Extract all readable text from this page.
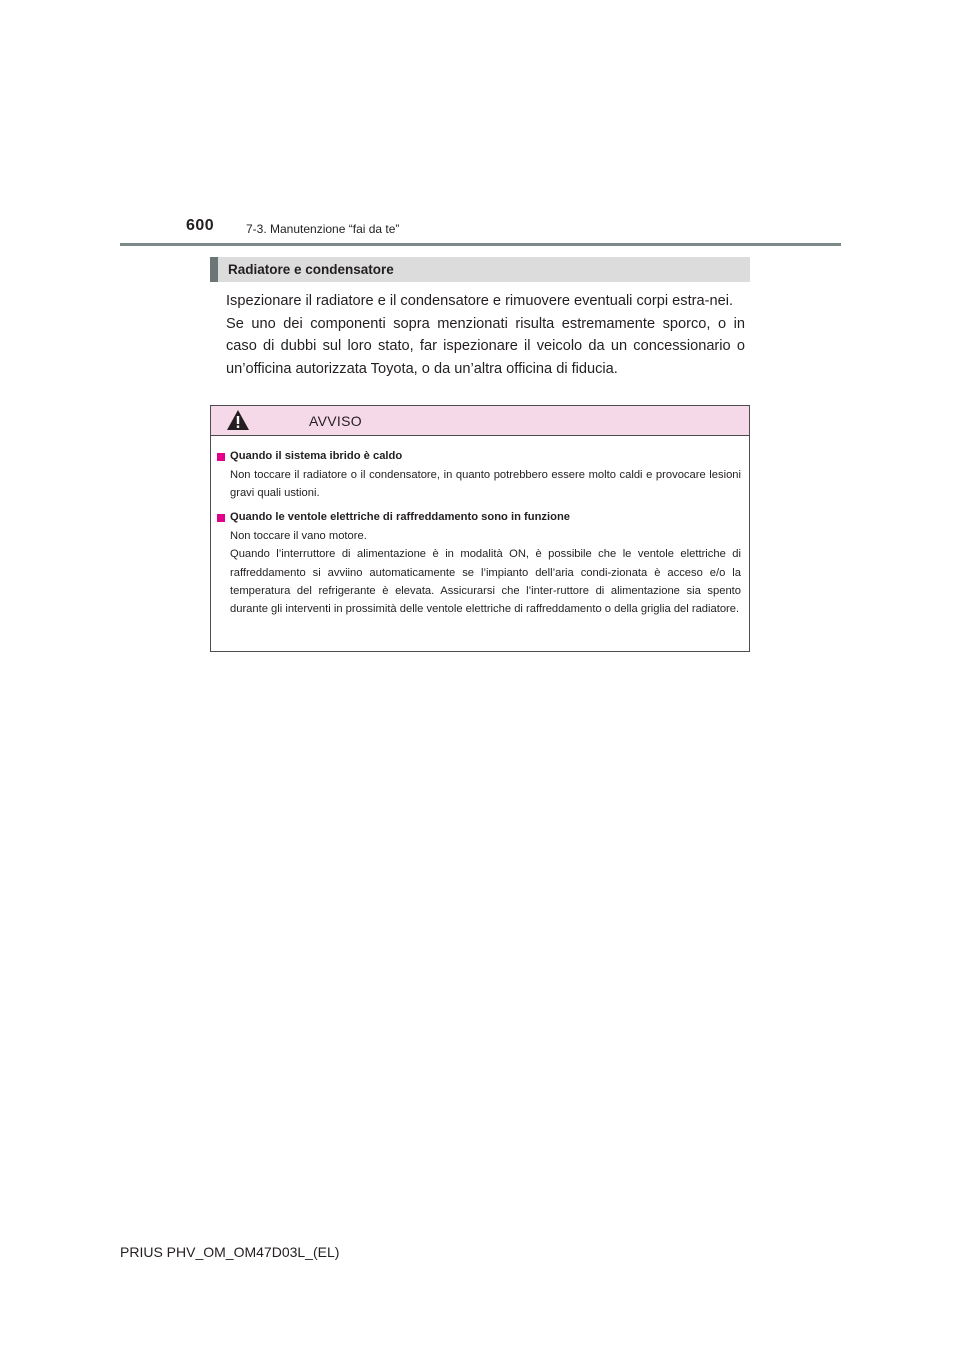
600	7-3. Manutenzione “fai da te”
Radiatore e condensatore

Ispezionare il radiatore e il condensatore e rimuovere eventuali corpi estra-nei.

Se uno dei componenti sopra menzionati risulta estremamente sporco, o in caso di dubbi sul loro stato, far ispezionare il veicolo da un concessionario o un’officina autorizzata Toyota, o da un’altra officina di fiducia.

AVVISO
Quando il sistema ibrido è caldo

Non toccare il radiatore o il condensatore, in quanto potrebbero essere molto caldi e provocare lesioni gravi quali ustioni.

Quando le ventole elettriche di raffreddamento sono in funzione

Non toccare il vano motore.

Quando l’interruttore di alimentazione è in modalità ON, è possibile che le ventole elettriche di raffreddamento si avviino automaticamente se l’impianto dell’aria condi-zionata è acceso e/o la temperatura del refrigerante è elevata. Assicurarsi che l’inter-ruttore di alimentazione sia spento durante gli interventi in prossimità delle ventole elettriche di raffreddamento o della griglia del radiatore.

PRIUS PHV_OM_OM47D03L_(EL)
